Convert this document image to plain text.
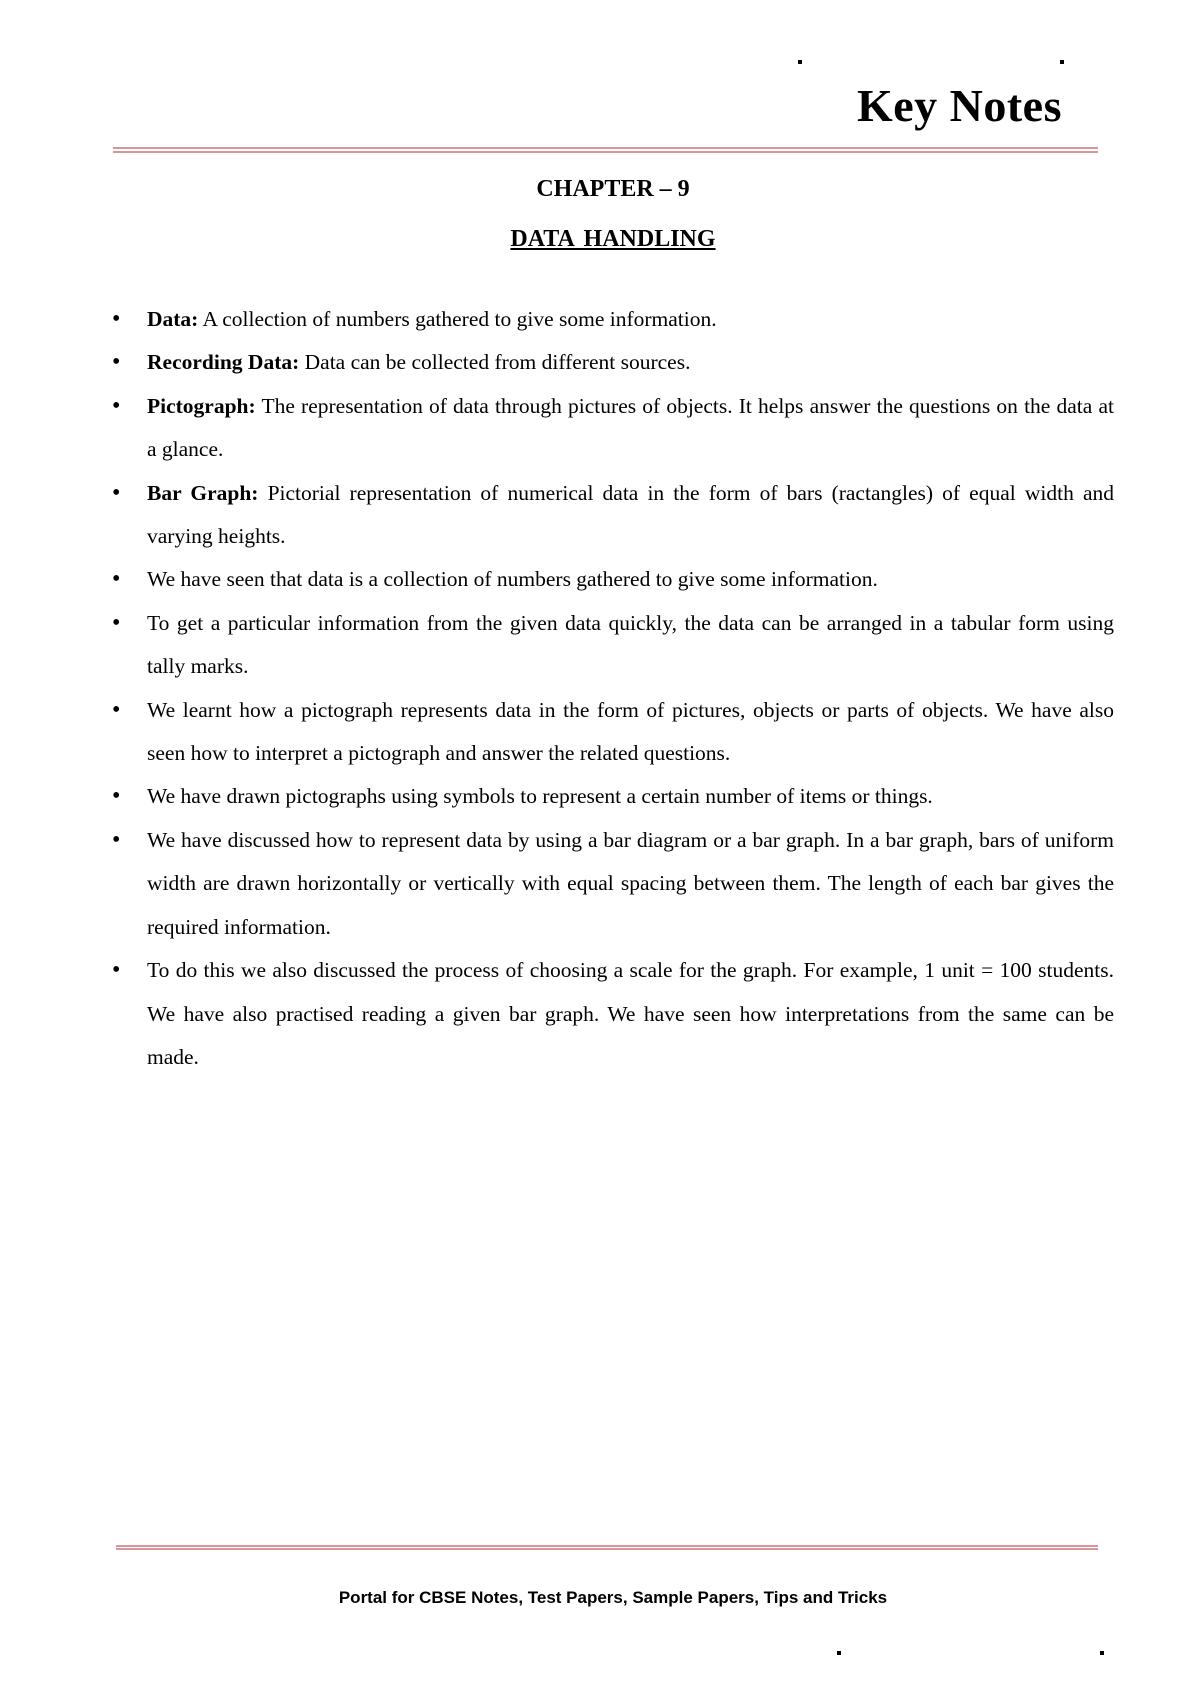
Key Notes
CHAPTER – 9
DATA HANDLING
• Data: A collection of numbers gathered to give some information.
• Recording Data: Data can be collected from different sources.
• Pictograph: The representation of data through pictures of objects. It helps answer the questions on the data at a glance.
• Bar Graph: Pictorial representation of numerical data in the form of bars (ractangles) of equal width and varying heights.
• We have seen that data is a collection of numbers gathered to give some information.
• To get a particular information from the given data quickly, the data can be arranged in a tabular form using tally marks.
• We learnt how a pictograph represents data in the form of pictures, objects or parts of objects. We have also seen how to interpret a pictograph and answer the related questions.
• We have drawn pictographs using symbols to represent a certain number of items or things.
• We have discussed how to represent data by using a bar diagram or a bar graph. In a bar graph, bars of uniform width are drawn horizontally or vertically with equal spacing between them. The length of each bar gives the required information.
• To do this we also discussed the process of choosing a scale for the graph. For example, 1 unit = 100 students. We have also practised reading a given bar graph. We have seen how interpretations from the same can be made.
Portal for CBSE Notes, Test Papers, Sample Papers, Tips and Tricks
